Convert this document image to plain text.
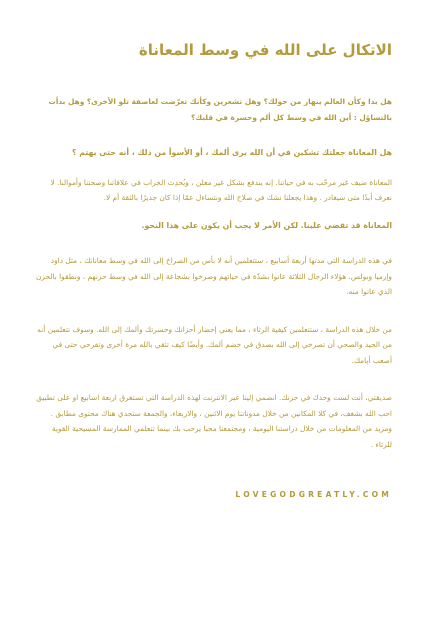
الاتكال على الله في وسط المعاناة

هل بدا وكأن العالم ينهار من حولك؟ وهل تشعرين وكأنك تعرّضت لعاصفة تلو الأخرى؟ وهل بدأت بالتساؤل : أين الله في وسط كل ألم وحسرة في قلبك؟

هل المعاناة جعلتك تشكين في أن الله يرى ألمك ، أو الأسوأ من ذلك ، أنه حتى يهتم ؟

المعاناة ضيف غير مرحّب به في حياتنا. إنه يندفع بشكل غير معلن ، ويُحدِث الخراب في علاقاتنا وصحتنا وأموالنا. لا نعرف أبدًا متى سيغادر . وهذا يجعلنا نشك في صلاح الله ونتساءل عمّا إذا كان جديرًا بالثقة أم لا.

المعاناة قد تقضي علينا. لكن الأمر لا يجب أن يكون على هذا النحو.

في هذه الدراسة التي مدتها أربعة أسابيع ، ستتعلمين أنه لا بأس من الصراخ إلى الله في وسط معاناتك ، مثل داود وإرميا وبولس. هؤلاء الرجال الثلاثة عانوا بشدّة في حياتهم وصرخوا بشجاعة إلى الله في وسط حزنهم ، ونطقوا بالحزن الذي عانوا منه.

من خلال هذه الدراسة ، ستتعلمين كيفية الرثاء ، مما يعني إحضار أحزانك وحسرتك وألمك إلى الله. وسوف تتعلمين أنه من الجيد والصحي أن تصرخي إلى الله بصدق في خضم ألمك. وأيضًا كيف تثقي بالله مرة أخرى وتفرحي حتى في أصعب أيامك.

صديقتي، أنت لست وحدك في حزنك. انضمي إلينا عبر الانترنت لهذه الدراسة التي تستغرق اربعة اسابيع او على تطبيق احب الله بشغف، في كلا المكانين من خلال مدوناتنا يوم الاثنين ، والاربعاء، والجمعة ستجدي هناك محتوى مطابق . ومزيد من المعلومات من خلال دراستنا اليومية ، ومجتمعنا محبا يرحب بك بينما تتعلمي الممارسة المسيحية القوية للرثاء .

LOVEGODGREATLY.COM
